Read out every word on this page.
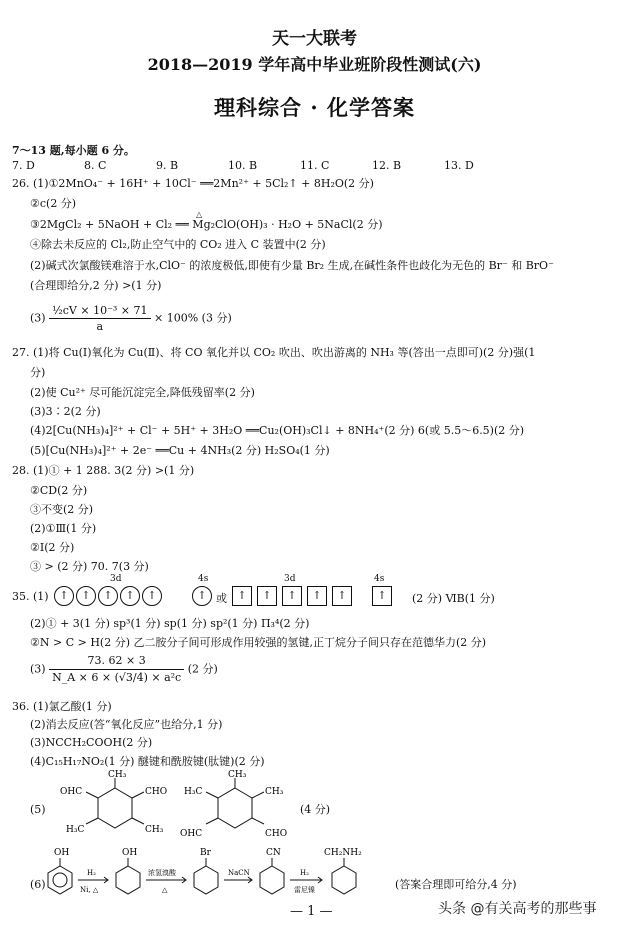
天一大联考
2018—2019 学年高中毕业班阶段性测试(六)
理科综合 · 化学答案
7～13 题,每小题 6 分。
7. D	8. C	9. B	10. B	11. C	12. B	13. D
26. (1)①2MnO₄⁻ + 16H⁺ + 10Cl⁻ ══2Mn²⁺ + 5Cl₂↑ + 8H₂O(2 分)
②c(2 分)
△
③2MgCl₂ + 5NaOH + Cl₂ ══ Mg₂ClO(OH)₃ · H₂O + 5NaCl(2 分)
④除去未反应的 Cl₂,防止空气中的 CO₂ 进入 C 装置中(2 分)
(2)碱式次氯酸镁难溶于水,ClO⁻ 的浓度极低,即使有少量 Br₂ 生成,在碱性条件也歧化为无色的 Br⁻ 和 BrO⁻
(合理即给分,2 分) >(1 分)
$(3) \frac{\text{½cV × 10⁻³ × 71}}{a} \times 100\%$ (3 分)
27. (1)将 Cu(Ⅰ)氧化为 Cu(Ⅱ)、将 CO 氧化并以 CO₂ 吹出、吹出游离的 NH₃ 等(答出一点即可)(2 分)强(1
分)
(2)使 Cu²⁺ 尽可能沉淀完全,降低残留率(2 分)
(3)3∶2(2 分)
(4)2[Cu(NH₃)₄]²⁺ + Cl⁻ + 5H⁺ + 3H₂O ══Cu₂(OH)₃Cl↓ + 8NH₄⁺(2 分) 6(或 5.5～6.5)(2 分)
(5)[Cu(NH₃)₄]²⁺ + 2e⁻ ══Cu + 4NH₃(2 分) H₂SO₄(1 分)
28. (1)① + 1 288. 3(2 分) >(1 分)
②CD(2 分)
③不变(2 分)
(2)①Ⅲ(1 分)
②I(2 分)
③ > (2 分) 70. 7(3 分)
35. (1)
3d
↑	↑	↑	↑	↑
4s
↑ 或
3d
↑	↑	↑	↑	↑
4s
↑	(2 分) ⅥB(1 分)
(2)① + 3(1 分) sp³(1 分) sp(1 分) sp²(1 分) Π₃⁴(2 分)
②N > C > H(2 分) 乙二胺分子间可形成作用较强的氢键,正丁烷分子间只存在范德华力(2 分)
$(3) \frac{73. 62 \times 3}{\text{N\_A × 6 × (√3/4) × a²c}} (2$ 分)
36. (1)氯乙酸(1 分)
(2)消去反应(答“氧化反应”也给分,1 分)
(3)NCCH₂COOH(2 分)
(4)C₁₅H₁₇NO₂(1 分) 醚键和酰胺键(肽键)(2 分)
(5)
CH₃
OHC	CHO
H₃C	CH₃
H₃C
CH₃
CH₃
OHC	CHO
(4 分)
(6)
OH
H₂
Ni, △
OH
浓氢溴酸
△
Br
NaCN
CN
H₂
雷尼镍
CH₂NH₂
(答案合理即可给分,4 分)
— 1 —	头条 @有关高考的那些事
